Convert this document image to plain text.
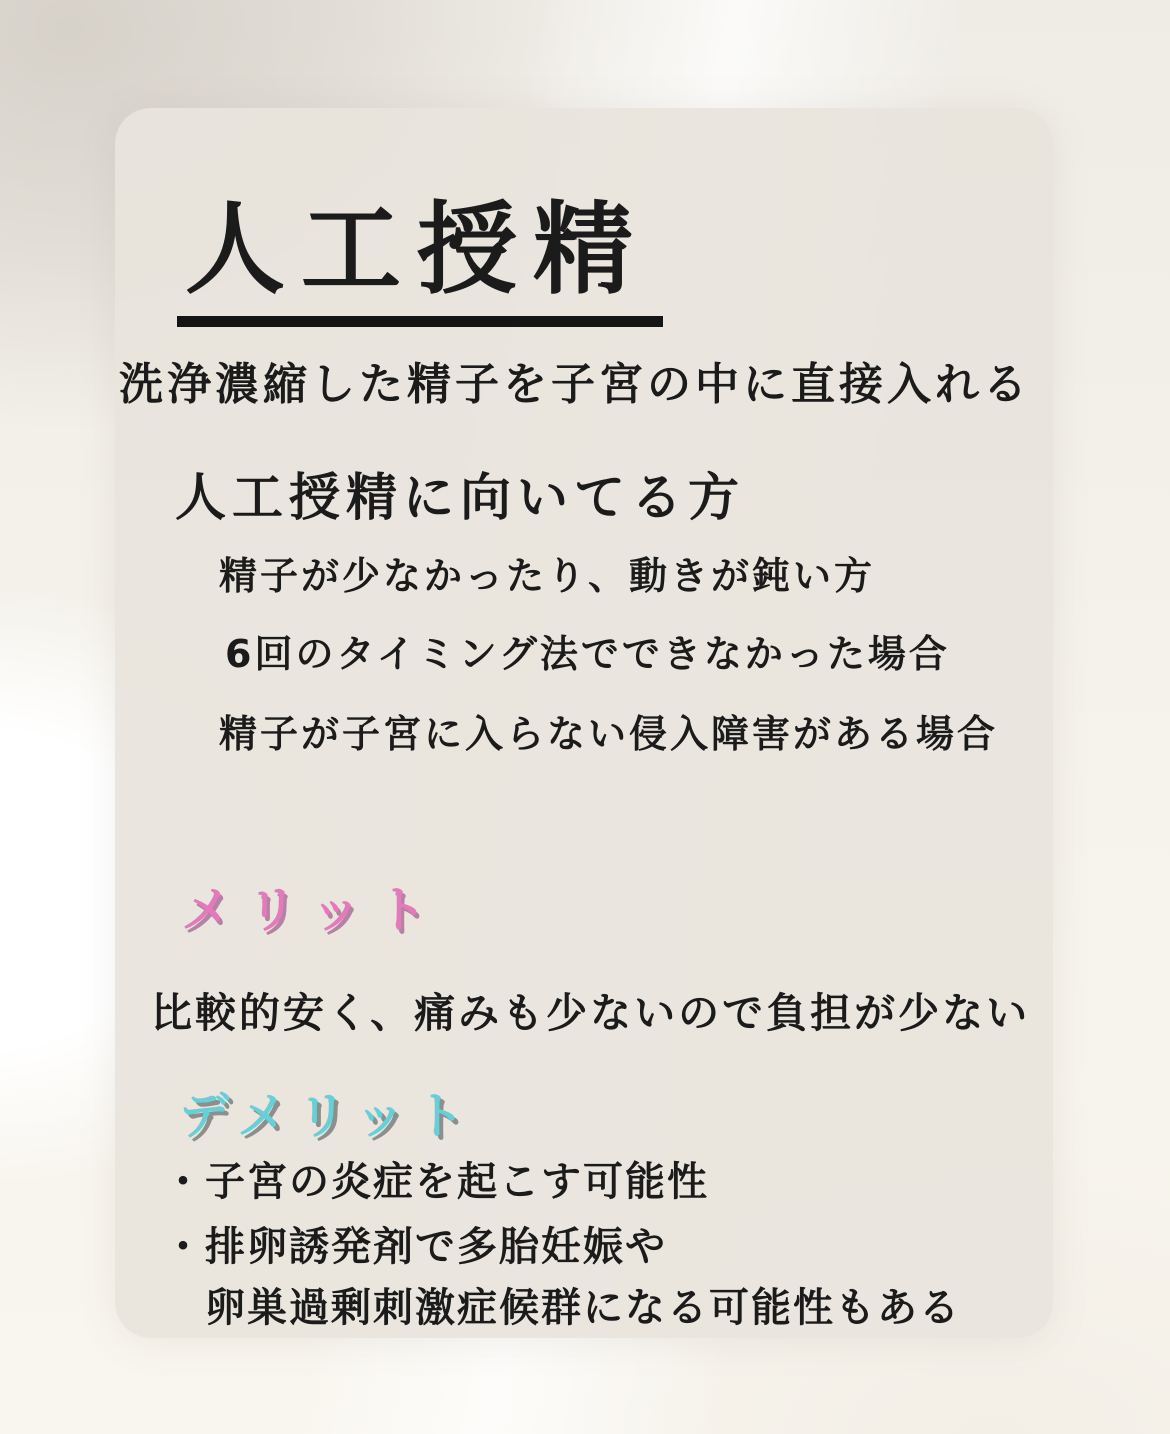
人工授精
洗浄濃縮した精子を子宮の中に直接入れる
人工授精に向いてる方
精子が少なかったり、動きが鈍い方
6回のタイミング法でできなかった場合
精子が子宮に入らない侵入障害がある場合
メリット
比較的安く、痛みも少ないので負担が少ない
デメリット
・子宮の炎症を起こす可能性
・排卵誘発剤で多胎妊娠や
卵巣過剰刺激症候群になる可能性もある
